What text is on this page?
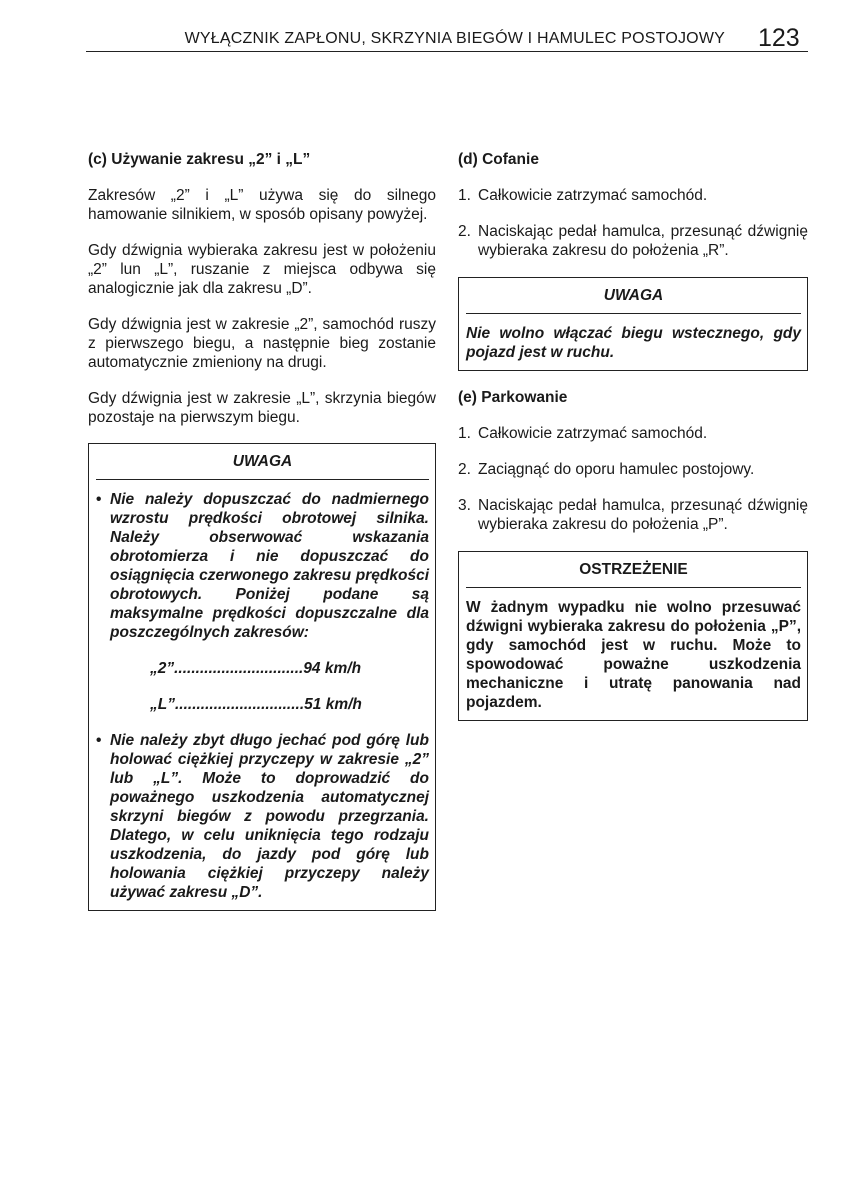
WYŁĄCZNIK ZAPŁONU, SKRZYNIA BIEGÓW I HAMULEC POSTOJOWY 123
(c) Używanie zakresu „2” i „L”

Zakresów „2” i „L” używa się do silnego hamowanie silnikiem, w sposób opisany powyżej.

Gdy dźwignia wybieraka zakresu jest w położeniu „2” lun „L”, ruszanie z miejsca odbywa się analogicznie jak dla zakresu „D”.

Gdy dźwignia jest w zakresie „2”, samochód ruszy z pierwszego biegu, a następnie bieg zostanie automatycznie zmieniony na drugi.

Gdy dźwignia jest w zakresie „L”, skrzynia biegów pozostaje na pierwszym biegu.

UWAGA
• Nie należy dopuszczać do nadmiernego wzrostu prędkości obrotowej silnika. Należy obserwować wskazania obrotomierza i nie dopuszczać do osiągnięcia czerwonego zakresu prędkości obrotowych. Poniżej podane są maksymalne prędkości dopuszczalne dla poszczególnych zakresów:
„2”..............................94 km/h
„L”..............................51 km/h
• Nie należy zbyt długo jechać pod górę lub holować ciężkiej przyczepy w zakresie „2” lub „L”. Może to doprowadzić do poważnego uszkodzenia automatycznej skrzyni biegów z powodu przegrzania. Dlatego, w celu uniknięcia tego rodzaju uszkodzenia, do jazdy pod górę lub holowania ciężkiej przyczepy należy używać zakresu „D”.
(d) Cofanie
1. Całkowicie zatrzymać samochód.
2. Naciskając pedał hamulca, przesunąć dźwignię wybieraka zakresu do położenia „R”.
UWAGA
Nie wolno włączać biegu wstecznego, gdy pojazd jest w ruchu.
(e) Parkowanie
1. Całkowicie zatrzymać samochód.
2. Zaciągnąć do oporu hamulec postojowy.
3. Naciskając pedał hamulca, przesunąć dźwignię wybieraka zakresu do położenia „P”.
OSTRZEŻENIE
W żadnym wypadku nie wolno przesuwać dźwigni wybieraka zakresu do położenia „P”, gdy samochód jest w ruchu. Może to spowodować poważne uszkodzenia mechaniczne i utratę panowania nad pojazdem.
